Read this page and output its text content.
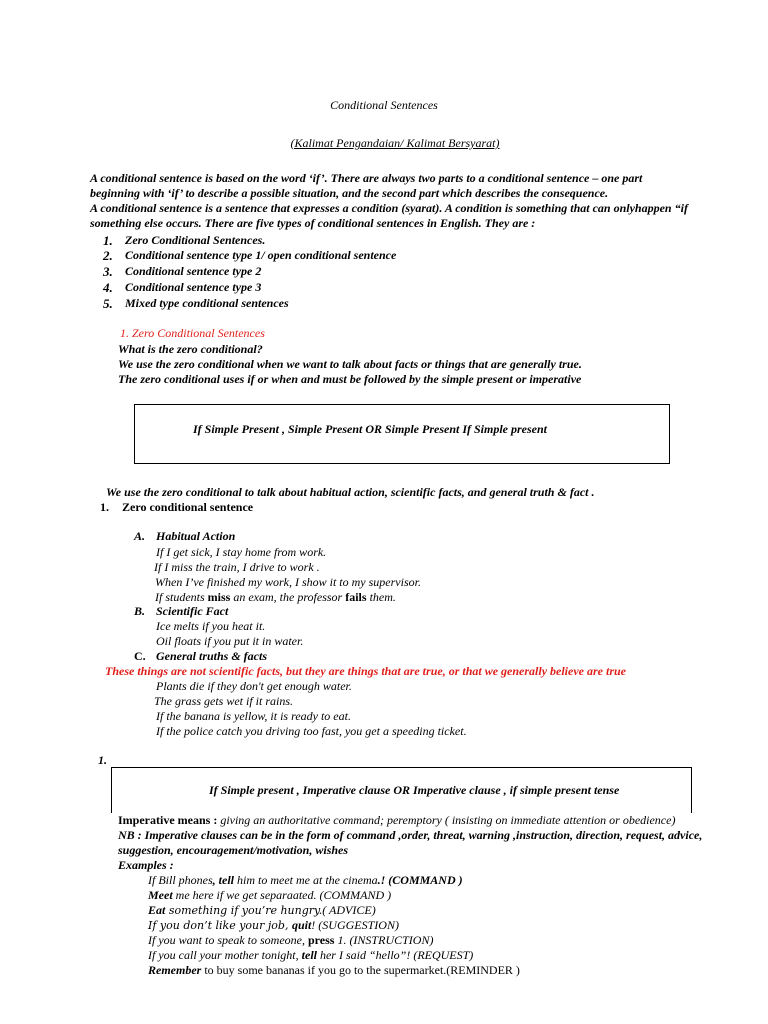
Conditional Sentences
(Kalimat Pengandaian/ Kalimat Bersyarat)
A conditional sentence is based on the word ‘if’. There are always two parts to a conditional sentence – one part
beginning with ‘if’ to describe a possible situation, and the second part which describes the consequence.
A conditional sentence is a sentence that expresses a condition (syarat). A condition is something that can onlyhappen “if
something else occurs. There are five types of conditional sentences in English. They are :
1. Zero Conditional Sentences.
2. Conditional sentence type 1/ open conditional sentence
3. Conditional sentence type 2
4. Conditional sentence type 3
5. Mixed type conditional sentences
1. Zero Conditional Sentences
What is the zero conditional?
We use the zero conditional when we want to talk about facts or things that are generally true.
The zero conditional uses if or when and must be followed by the simple present or imperative
If Simple Present , Simple Present OR Simple Present If Simple present
We use the zero conditional to talk about habitual action, scientific facts, and general truth & fact .
1. Zero conditional sentence
A. Habitual Action
If I get sick, I stay home from work.
If I miss the train, I drive to work .
When I’ve finished my work, I show it to my supervisor.
If students miss an exam, the professor fails them.
B. Scientific Fact
Ice melts if you heat it.
Oil floats if you put it in water.
C. General truths & facts
These things are not scientific facts, but they are things that are true, or that we generally believe are true
Plants die if they don't get enough water.
The grass gets wet if it rains.
If the banana is yellow, it is ready to eat.
If the police catch you driving too fast, you get a speeding ticket.
1.
If Simple present , Imperative clause OR Imperative clause , if simple present tense
Imperative means : giving an authoritative command; peremptory ( insisting on immediate attention or obedience)
NB : Imperative clauses can be in the form of command ,order, threat, warning ,instruction, direction, request, advice,
suggestion, encouragement/motivation, wishes
Examples :
If Bill phones, tell him to meet me at the cinema.! (COMMAND )
Meet me here if we get separaated. (COMMAND )
Eat something if you’re hungry.( ADVICE)
If you don’t like your job, quit! (SUGGESTION)
If you want to speak to someone, press 1. (INSTRUCTION)
If you call your mother tonight, tell her I said “hello”! (REQUEST)
Remember to buy some bananas if you go to the supermarket.(REMINDER )
